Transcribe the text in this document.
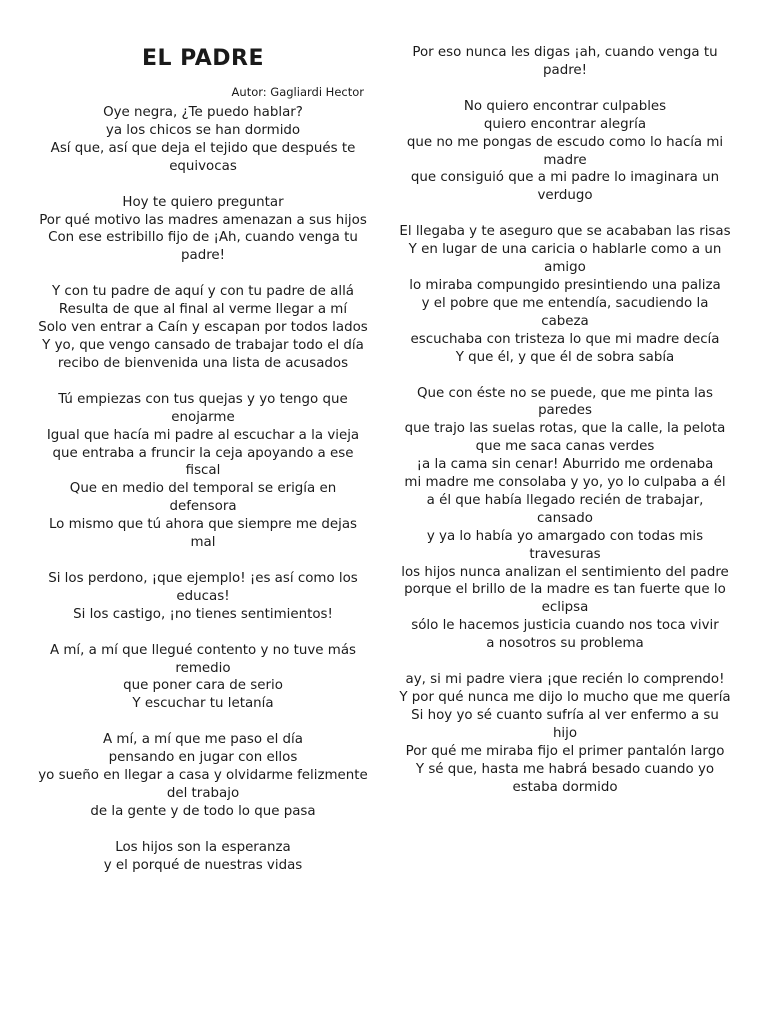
EL PADRE
Autor: Gagliardi Hector

Oye negra, ¿Te puedo hablar?

ya los chicos se han dormido

Así que, así que deja el tejido que después te equivocas

Hoy te quiero preguntar

Por qué motivo las madres amenazan a sus hijos

Con ese estribillo fijo de ¡Ah, cuando venga tu padre!

Y con tu padre de aquí y con tu padre de allá

Resulta de que al final al verme llegar a mí

Solo ven entrar a Caín y escapan por todos lados

Y yo, que vengo cansado de trabajar todo el día

recibo de bienvenida una lista de acusados

Tú empiezas con tus quejas y yo tengo que enojarme

Igual que hacía mi padre al escuchar a la vieja

que entraba a fruncir la ceja apoyando a ese fiscal

Que en medio del temporal se erigía en defensora

Lo mismo que tú ahora que siempre me dejas mal

Si los perdono, ¡que ejemplo! ¡es así como los educas!

Si los castigo, ¡no tienes sentimientos!

A mí, a mí que llegué contento y no tuve más remedio

que poner cara de serio

Y escuchar tu letanía

A mí, a mí que me paso el día

pensando en jugar con ellos

yo sueño en llegar a casa y olvidarme felizmente del trabajo

de la gente y de todo lo que pasa

Los hijos son la esperanza

y el porqué de nuestras vidas

Por eso nunca les digas ¡ah, cuando venga tu padre!

No quiero encontrar culpables

quiero encontrar alegría

que no me pongas de escudo como lo hacía mi madre

que consiguió que a mi padre lo imaginara un verdugo

El llegaba y te aseguro que se acababan las risas

Y en lugar de una caricia o hablarle como a un amigo

lo miraba compungido presintiendo una paliza

y el pobre que me entendía, sacudiendo la cabeza

escuchaba con tristeza lo que mi madre decía

Y que él, y que él de sobra sabía

Que con éste no se puede, que me pinta las paredes

que trajo las suelas rotas, que la calle, la pelota

que me saca canas verdes

¡a la cama sin cenar! Aburrido me ordenaba

mi madre me consolaba y yo, yo lo culpaba a él

a él que había llegado recién de trabajar, cansado

y ya lo había yo amargado con todas mis travesuras

los hijos nunca analizan el sentimiento del padre

porque el brillo de la madre es tan fuerte que lo eclipsa

sólo le hacemos justicia cuando nos toca vivir

a nosotros su problema

ay, si mi padre viera ¡que recién lo comprendo!

Y por qué nunca me dijo lo mucho que me quería

Si hoy yo sé cuanto sufría al ver enfermo a su hijo

Por qué me miraba fijo el primer pantalón largo

Y sé que, hasta me habrá besado cuando yo estaba dormido
